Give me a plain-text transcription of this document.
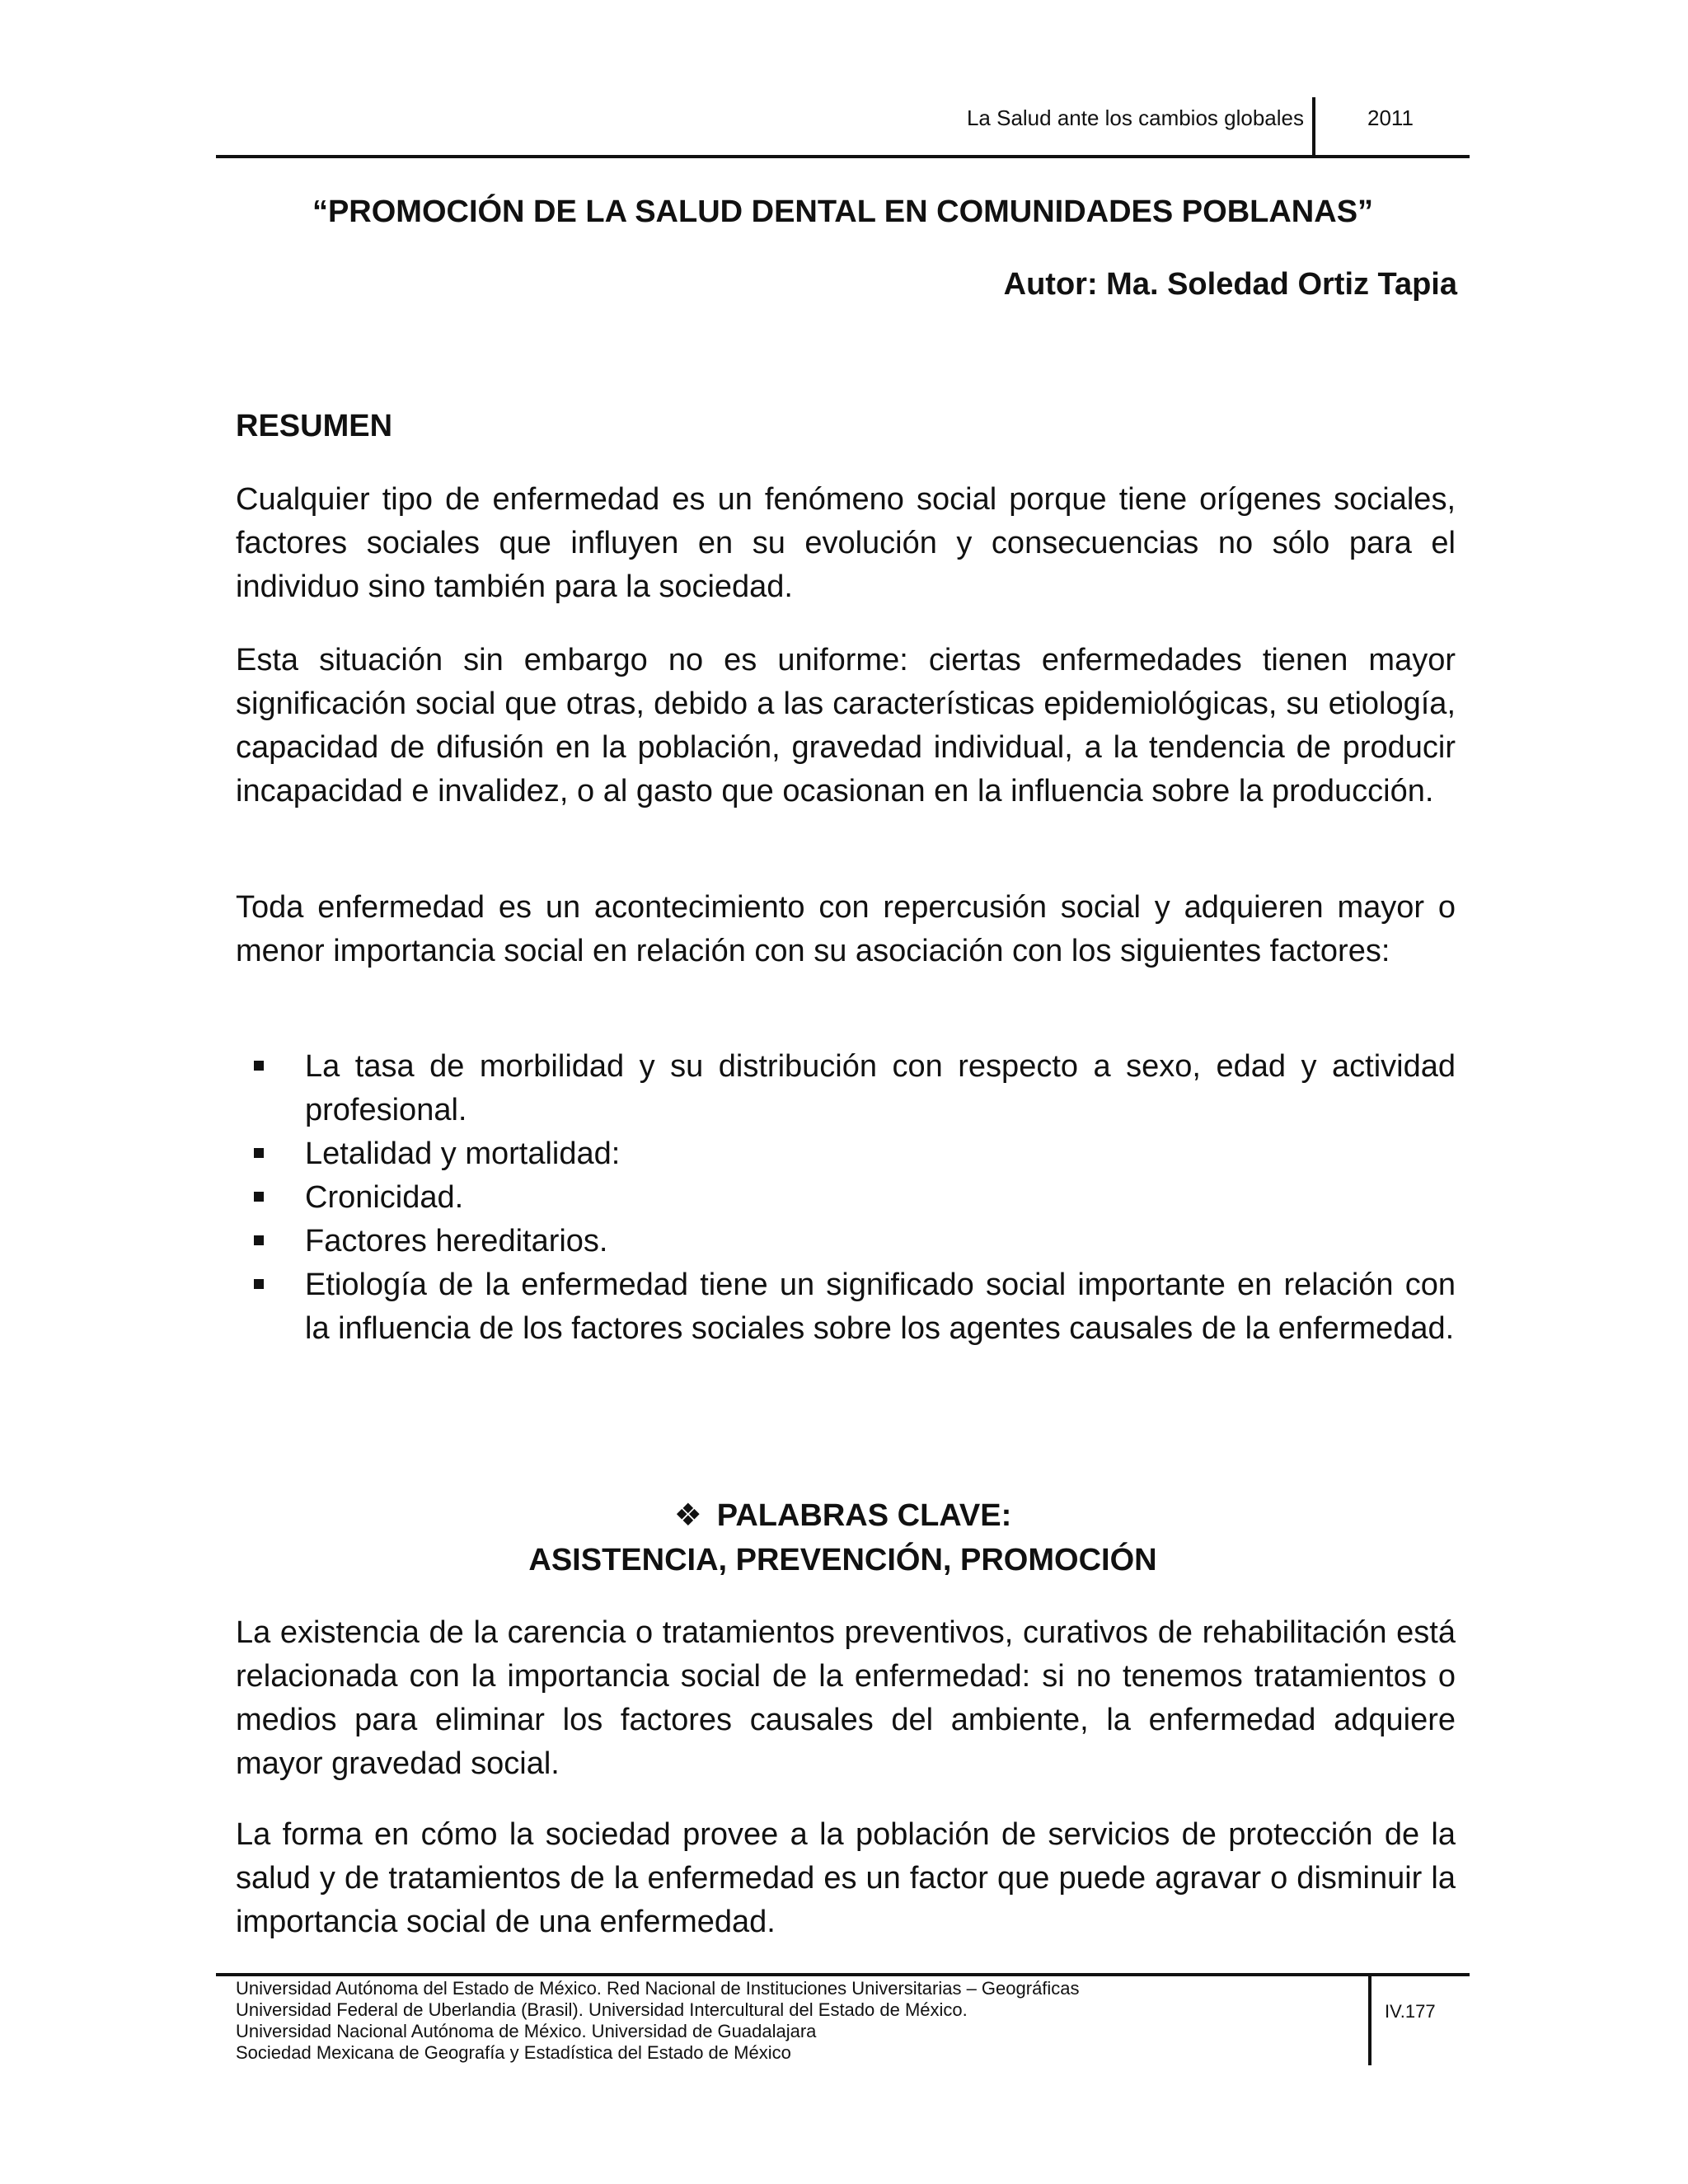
La Salud ante los cambios globales	2011
“PROMOCIÓN DE LA SALUD DENTAL EN COMUNIDADES POBLANAS”
Autor: Ma. Soledad Ortiz Tapia
RESUMEN

Cualquier tipo de enfermedad es un fenómeno social porque tiene orígenes sociales, factores sociales que influyen en su evolución y consecuencias no sólo para el individuo sino también para la sociedad.

Esta situación sin embargo no es uniforme: ciertas enfermedades tienen mayor significación social que otras, debido a las características epidemiológicas, su etiología, capacidad de difusión en la población, gravedad individual, a la tendencia de producir incapacidad e invalidez, o al gasto que ocasionan en la influencia sobre la producción.

Toda enfermedad es un acontecimiento con repercusión social y adquieren mayor o menor importancia social en relación con su asociación con los siguientes factores:

La tasa de morbilidad y su distribución con respecto a sexo, edad y actividad profesional.
Letalidad y mortalidad:
Cronicidad.
Factores hereditarios.
Etiología de la enfermedad tiene un significado social importante en relación con la influencia de los factores sociales sobre los agentes causales de la enfermedad.
❖ PALABRAS CLAVE:
ASISTENCIA, PREVENCIÓN, PROMOCIÓN

La existencia de la carencia o tratamientos preventivos, curativos de rehabilitación está relacionada con la importancia social de la enfermedad: si no tenemos tratamientos o medios para eliminar los factores causales del ambiente, la enfermedad adquiere mayor gravedad social.

La forma en cómo la sociedad provee a la población de servicios de protección de la salud y de tratamientos de la enfermedad es un factor que puede agravar o disminuir la importancia social de una enfermedad.

Universidad Autónoma del Estado de México. Red Nacional de Instituciones Universitarias – Geográficas
Universidad Federal de Uberlandia (Brasil). Universidad Intercultural del Estado de México.
Universidad Nacional Autónoma de México. Universidad de Guadalajara
Sociedad Mexicana de Geografía y Estadística del Estado de México
IV.177
